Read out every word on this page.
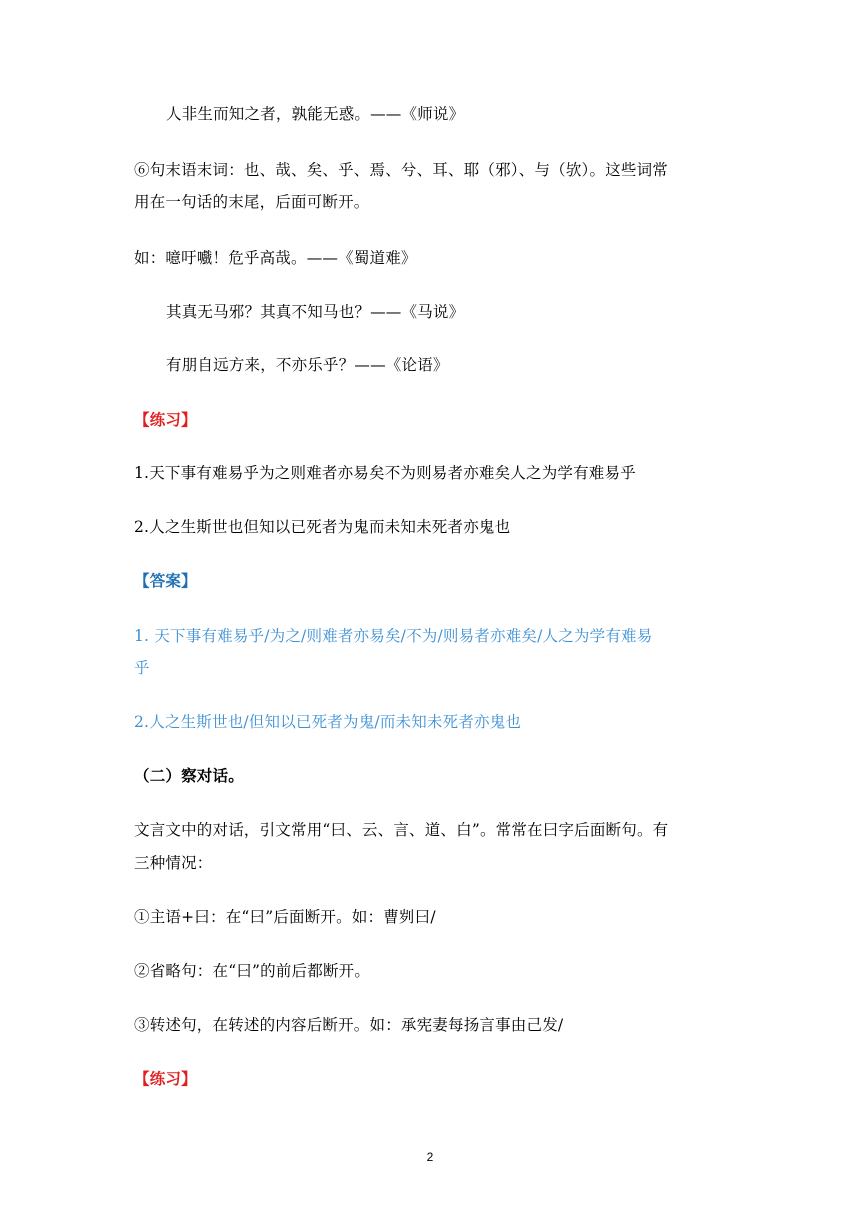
人非生而知之者，孰能无惑。——《师说》
⑥句末语末词：也、哉、矣、乎、焉、兮、耳、耶（邪）、与（欤）。这些词常
用在一句话的末尾，后面可断开。
如：噫吁嚱！危乎高哉。——《蜀道难》
其真无马邪？其真不知马也？——《马说》
有朋自远方来，不亦乐乎？——《论语》
【练习】
1.天下事有难易乎为之则难者亦易矣不为则易者亦难矣人之为学有难易乎
2.人之生斯世也但知以已死者为鬼而未知未死者亦鬼也
【答案】
1. 天下事有难易乎/为之/则难者亦易矣/不为/则易者亦难矣/人之为学有难易
乎
2.人之生斯世也/但知以已死者为鬼/而未知未死者亦鬼也
（二）察对话。
文言文中的对话，引文常用“曰、云、言、道、白”。常常在曰字后面断句。有
三种情况：
①主语+曰：在“曰”后面断开。如：曹刿曰/
②省略句：在“曰”的前后都断开。
③转述句，在转述的内容后断开。如：承宪妻每扬言事由己发/
【练习】
2
